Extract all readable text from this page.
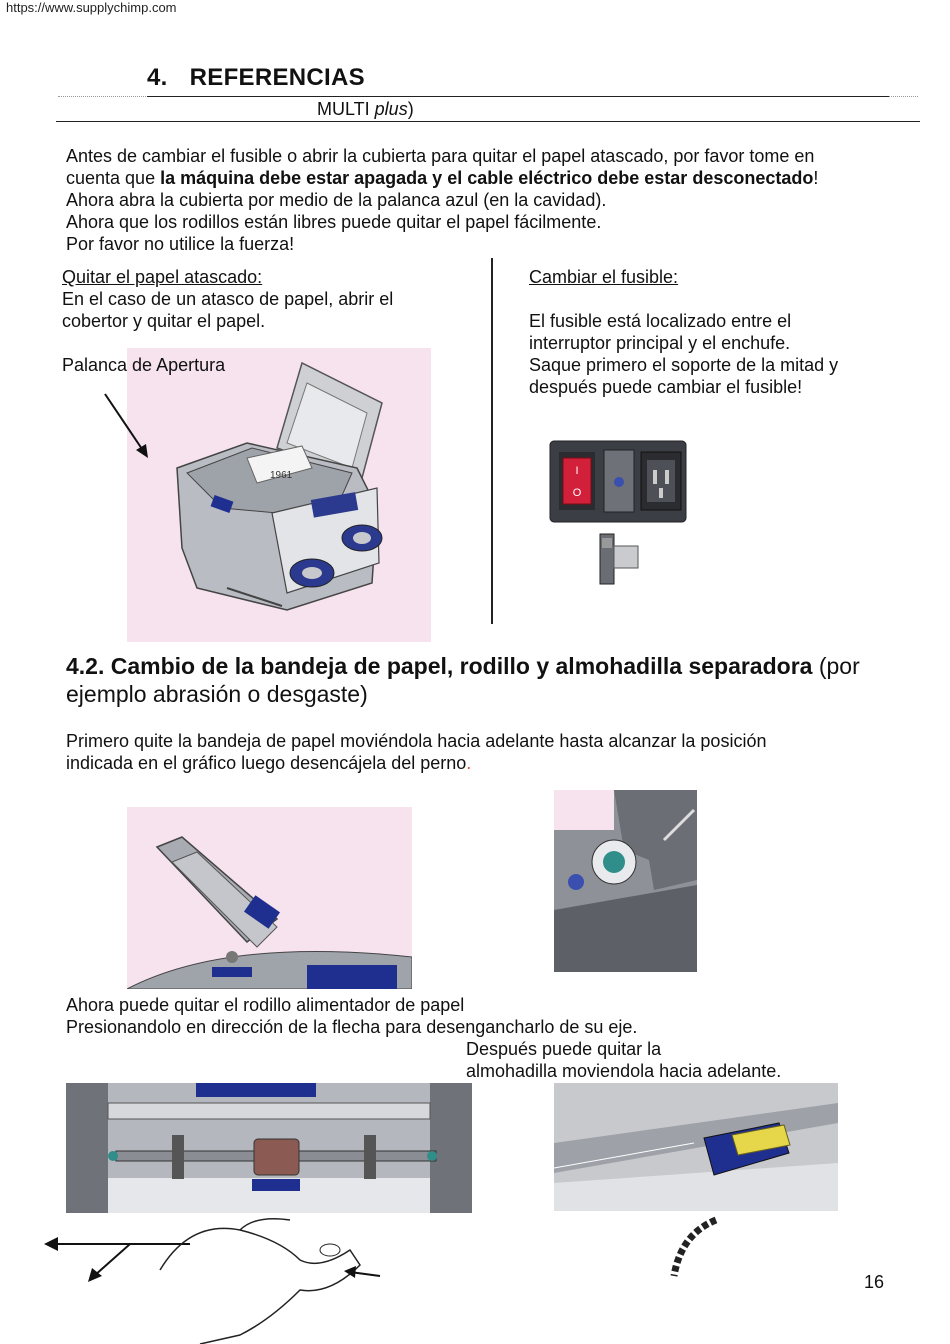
https://www.supplychimp.com
4. REFERENCIAS
MULTI plus)
Antes de cambiar el fusible o abrir la cubierta para quitar el papel atascado, por favor tome en
cuenta que la máquina debe estar apagada y el cable eléctrico debe estar desconectado!
Ahora abra la cubierta por medio de la palanca azul (en la cavidad).
Ahora que los rodillos están libres puede quitar el papel fácilmente.
Por favor no utilice la fuerza!
Quitar el papel atascado:
En el caso de un atasco de papel, abrir el
cobertor y quitar el papel.
1961
Palanca de Apertura
Cambiar el fusible:
El fusible está localizado entre el
interruptor principal y el enchufe.
Saque primero el soporte de la mitad y
después puede cambiar el fusible!
I
O
4.2. Cambio de la bandeja de papel, rodillo y almohadilla separadora (por
ejemplo abrasión o desgaste)
Primero quite la bandeja de papel moviéndola hacia adelante hasta alcanzar la posición
indicada en el gráfico luego desencájela del perno.
Ahora puede quitar el rodillo alimentador de papel
Presionandolo en dirección de la flecha para desengancharlo de su eje.
Después puede quitar la
almohadilla moviendola hacia adelante.
16
